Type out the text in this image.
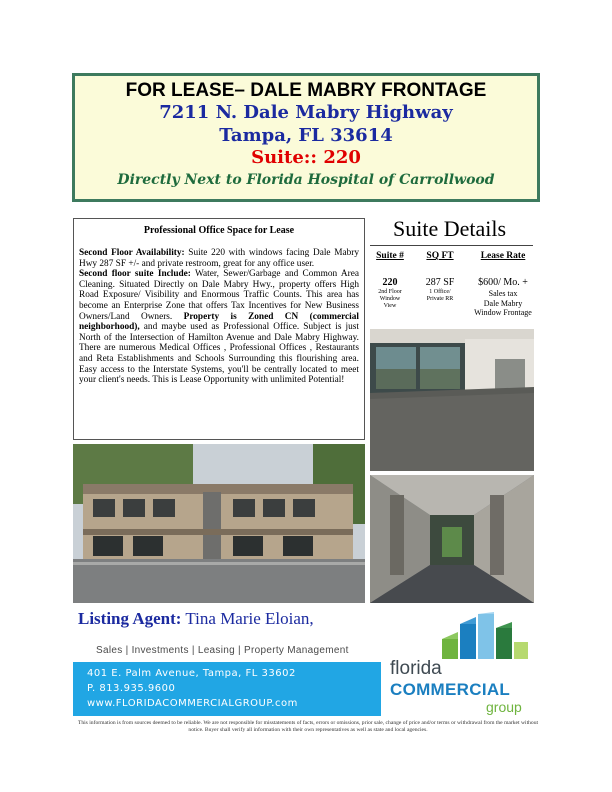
FOR LEASE– DALE MABRY FRONTAGE
7211 N. Dale Mabry Highway
Tampa, FL 33614
Suite:: 220
Directly Next to Florida Hospital of Carrollwood
Professional Office Space for Lease

Second Floor Availability: Suite 220 with windows facing Dale Mabry Hwy 287 SF +/- and private restroom, great for any office user.

Second floor suite Include: Water, Sewer/Garbage and Common Area Cleaning. Situated Directly on Dale Mabry Hwy., property offers High Road Exposure/ Visibility and Enormous Traffic Counts. This area has become an Enterprise Zone that offers Tax Incentives for New Business Owners/Land Owners. Property is Zoned CN (commercial neighborhood), and maybe used as Professional Office. Subject is just North of the Intersection of Hamilton Avenue and Dale Mabry Highway. There are numerous Medical Offices , Professional Offices , Restaurants and Reta Establishments and Schools Surrounding this flourishing area. Easy access to the Interstate Systems, you'll be centrally located to meet your client's needs. This is Lease Opportunity with unlimited Potential!

Suite Details
Suite #	SQ FT	Lease Rate
220
2nd Floor
Window
View
287 SF
1 Office/
Private RR
$600/ Mo. +
Sales tax
Dale Mabry
Window Frontage
Listing Agent: Tina Marie Eloian,
Sales | Investments | Leasing | Property Management
401 E. Palm Avenue, Tampa, FL 33602
P. 813.935.9600
www.FLORIDACOMMERCIALGROUP.com
florida
COMMERCIAL
group
This information is from sources deemed to be reliable. We are not responsible for misstatements of facts, errors or omissions, prior sale, change of price and/or terms or withdrawal from the market without notice. Buyer shall verify all information with their own representatives as well as state and local agencies.
